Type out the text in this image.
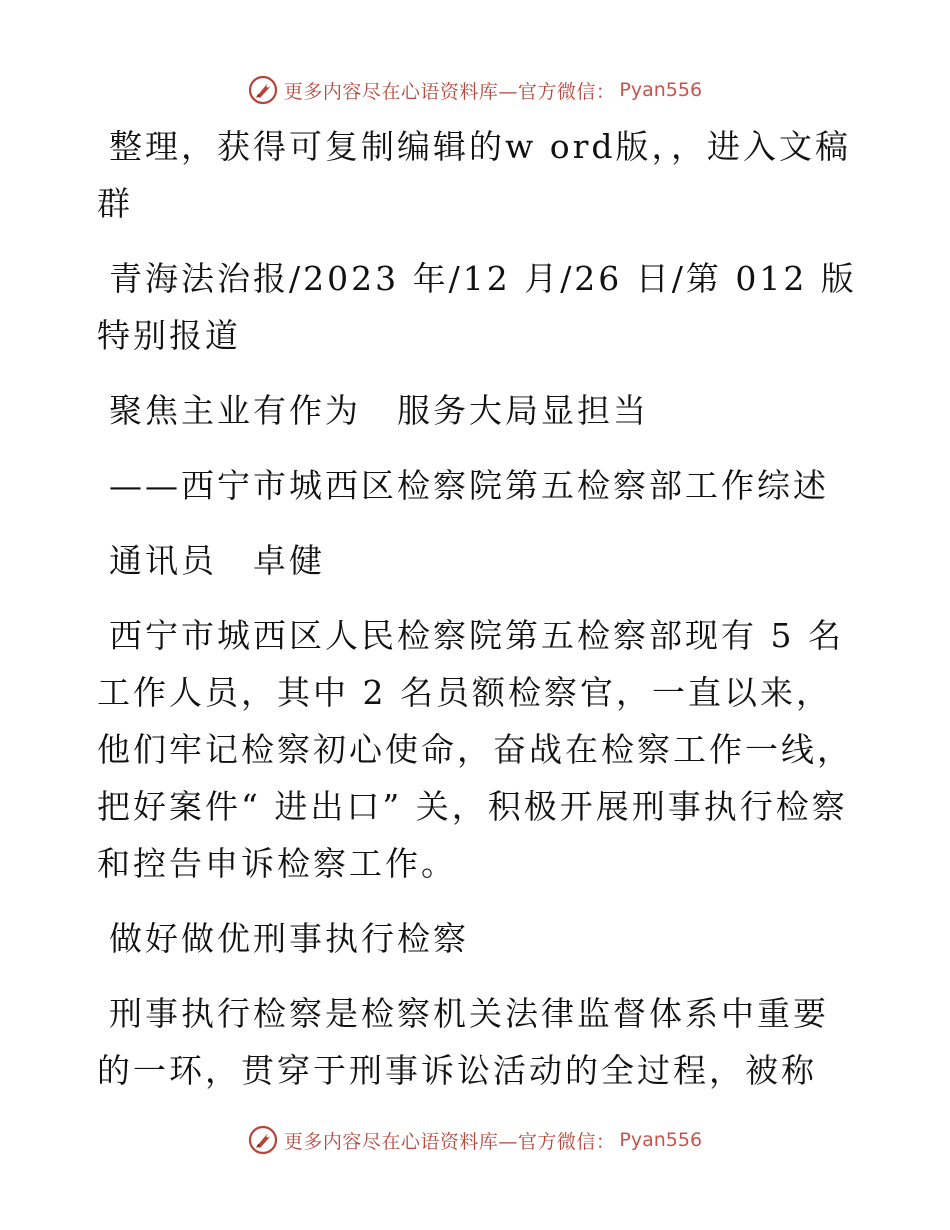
更多内容尽在心语资料库—官方微信： Pyan556

整理，获得可复制编辑的w ord版，，进入文稿群

青海法治报/2023 年/12 月/26 日/第 012 版特别报道

聚焦主业有作为　服务大局显担当

——西宁市城西区检察院第五检察部工作综述

通讯员　卓健

西宁市城西区人民检察院第五检察部现有 5 名工作人员，其中 2 名员额检察官，一直以来，他们牢记检察初心使命，奋战在检察工作一线，把好案件“ 进出口” 关，积极开展刑事执行检察和控告申诉检察工作。

做好做优刑事执行检察

刑事执行检察是检察机关法律监督体系中重要的一环，贯穿于刑事诉讼活动的全过程，被称

更多内容尽在心语资料库—官方微信： Pyan556
